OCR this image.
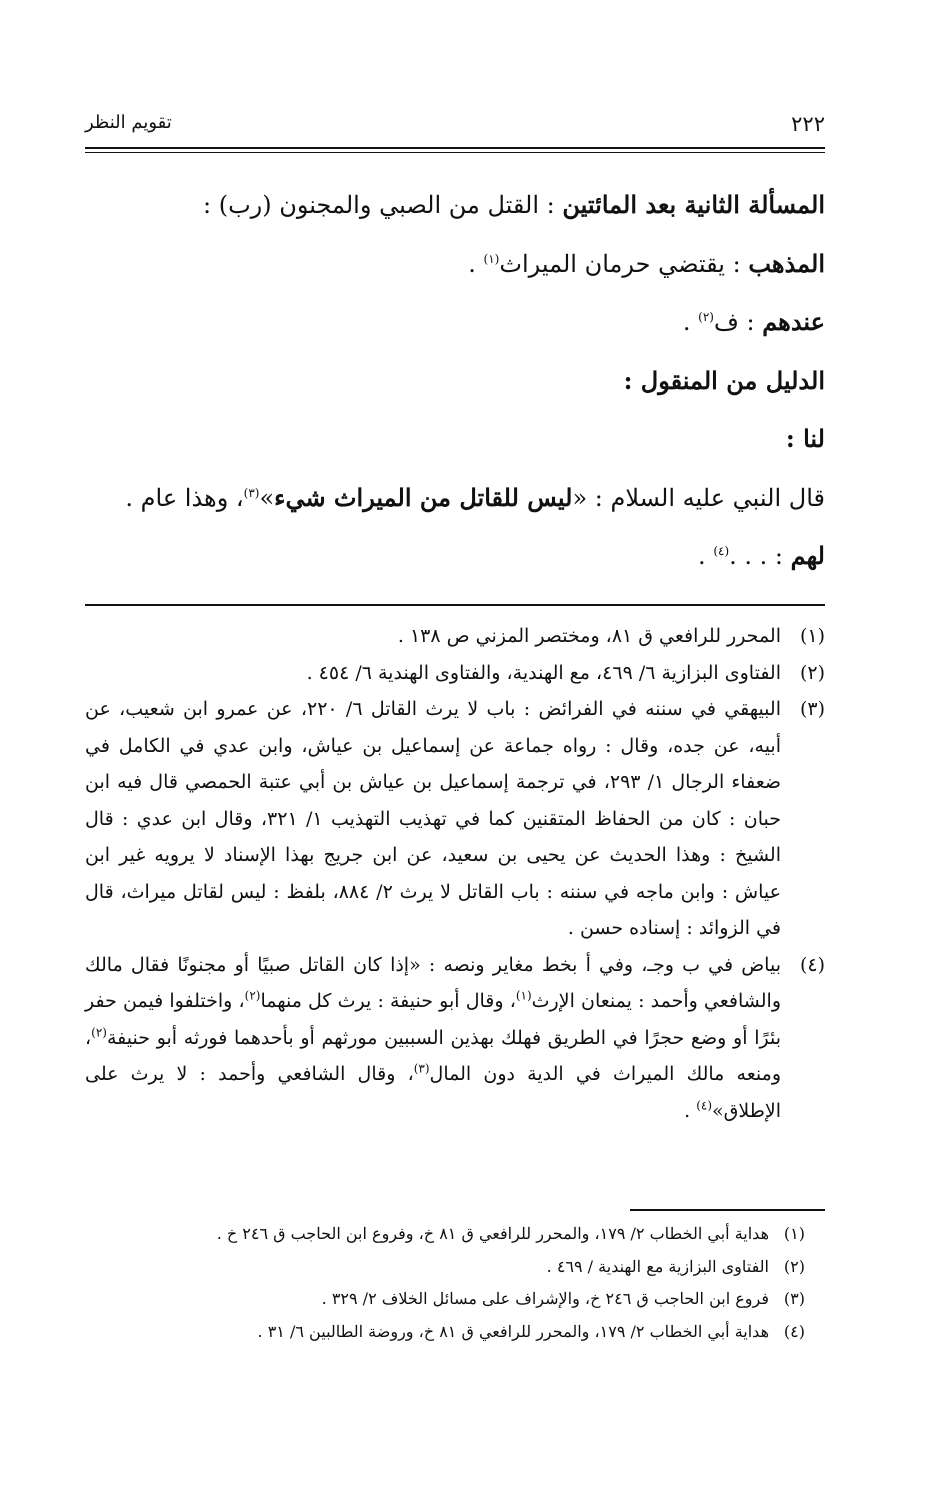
٢٢٢
تقويم النظر

المسألة الثانية بعد المائتين : القتل من الصبي والمجنون (رب) :

المذهب : يقتضي حرمان الميراث$^{(١)}$ .

عندهم : ف$^{(٢)}$ .

الدليل من المنقول :

لنا :

قال النبي عليه السلام : «ليس للقاتل من الميراث شيء»$^{(٣)}$، وهذا عام .

لهم : . . .$^{(٤)}$ .

(١)
المحرر للرافعي ق ٨١، ومختصر المزني ص ١٣٨ .
(٢)
الفتاوى البزازية ٦/ ٤٦٩، مع الهندية، والفتاوى الهندية ٦/ ٤٥٤ .
(٣)
البيهقي في سننه في الفرائض : باب لا يرث القاتل ٦/ ٢٢٠، عن عمرو ابن شعيب، عن أبيه، عن جده، وقال : رواه جماعة عن إسماعيل بن عياش، وابن عدي في الكامل في ضعفاء الرجال ١/ ٢٩٣، في ترجمة إسماعيل بن عياش بن أبي عتبة الحمصي قال فيه ابن حبان : كان من الحفاظ المتقنين كما في تهذيب التهذيب ١/ ٣٢١، وقال ابن عدي : قال الشيخ : وهذا الحديث عن يحيى بن سعيد، عن ابن جريج بهذا الإسناد لا يرويه غير ابن عياش : وابن ماجه في سننه : باب القاتل لا يرث ٢/ ٨٨٤، بلفظ : ليس لقاتل ميراث، قال في الزوائد : إسناده حسن .
(٤)
بياض في ب وجـ، وفي أ بخط مغاير ونصه : «إذا كان القاتل صبيًا أو مجنونًا فقال مالك والشافعي وأحمد : يمنعان الإرث$^{(١)}$، وقال أبو حنيفة : يرث كل منهما$^{(٢)}$، واختلفوا فيمن حفر بئرًا أو وضع حجرًا في الطريق فهلك بهذين السببين مورثهم أو بأحدهما فورثه أبو حنيفة$^{(٢)}$، ومنعه مالك الميراث في الدية دون المال$^{(٣)}$، وقال الشافعي وأحمد : لا يرث على الإطلاق»$^{(٤)}$ .
(١)
هداية أبي الخطاب ٢/ ١٧٩، والمحرر للرافعي ق ٨١ خ، وفروع ابن الحاجب ق ٢٤٦ خ .
(٢)
الفتاوى البزازية مع الهندية / ٤٦٩ .
(٣)
فروع ابن الحاجب ق ٢٤٦ خ، والإشراف على مسائل الخلاف ٢/ ٣٢٩ .
(٤)
هداية أبي الخطاب ٢/ ١٧٩، والمحرر للرافعي ق ٨١ خ، وروضة الطالبين ٦/ ٣١ .
